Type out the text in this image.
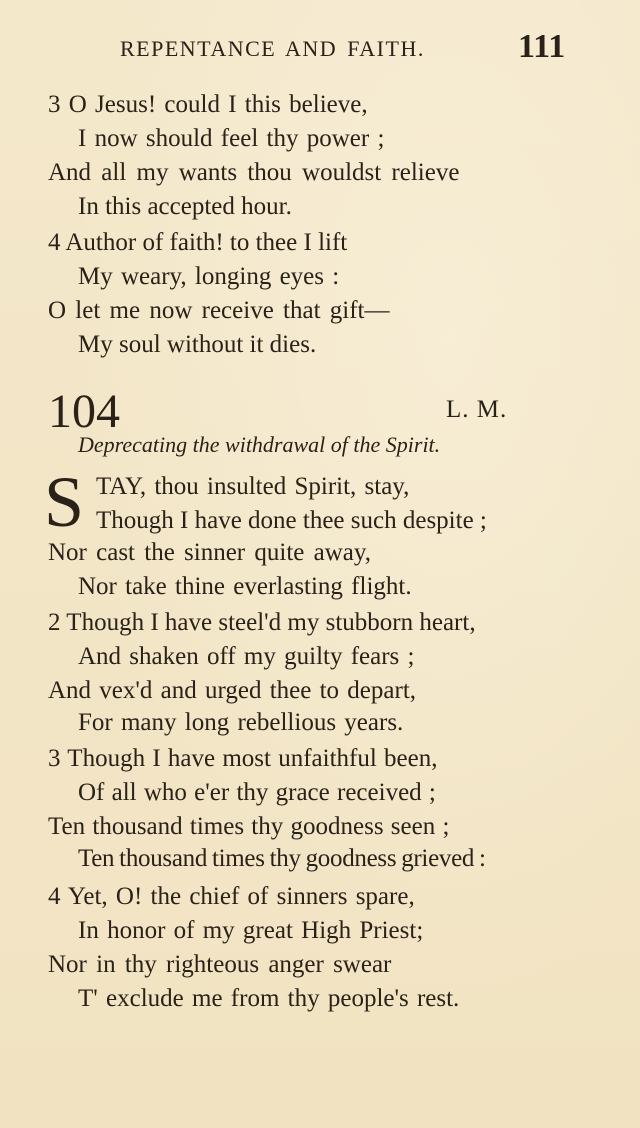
REPENTANCE AND FAITH.	111
3 O Jesus! could I this believe,
I now should feel thy power ;
And all my wants thou wouldst relieve
In this accepted hour.
4 Author of faith! to thee I lift
My weary, longing eyes :
O let me now receive that gift—
My soul without it dies.
104	L. M.
Deprecating the withdrawal of the Spirit.
S TAY, thou insulted Spirit, stay,
Though I have done thee such despite ;
Nor cast the sinner quite away,
Nor take thine everlasting flight.
2 Though I have steel'd my stubborn heart,
And shaken off my guilty fears ;
And vex'd and urged thee to depart,
For many long rebellious years.
3 Though I have most unfaithful been,
Of all who e'er thy grace received ;
Ten thousand times thy goodness seen ;
Ten thousand times thy goodness grieved :
4 Yet, O! the chief of sinners spare,
In honor of my great High Priest;
Nor in thy righteous anger swear
T' exclude me from thy people's rest.
